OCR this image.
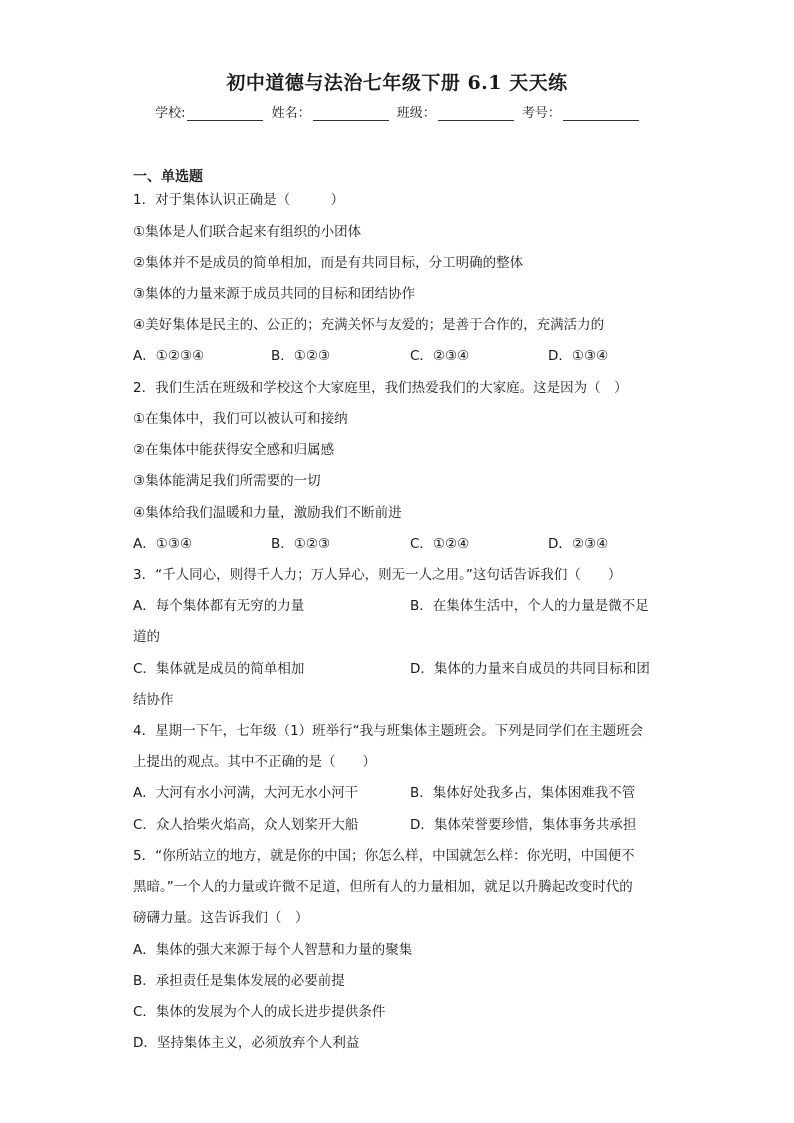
初中道德与法治七年级下册 6.1 天天练
学校:	姓名：	班级：	考号：
一、单选题
1．对于集体认识正确是（　　　）
①集体是人们联合起来有组织的小团体
②集体并不是成员的简单相加，而是有共同目标，分工明确的整体
③集体的力量来源于成员共同的目标和团结协作
④美好集体是民主的、公正的；充满关怀与友爱的；是善于合作的，充满活力的
A．①②③④	B．①②③	C．②③④	D．①③④
2．我们生活在班级和学校这个大家庭里，我们热爱我们的大家庭。这是因为（　）
①在集体中，我们可以被认可和接纳
②在集体中能获得安全感和归属感
③集体能满足我们所需要的一切
④集体给我们温暖和力量，激励我们不断前进
A．①③④	B．①②③	C．①②④	D．②③④
3．“千人同心，则得千人力；万人异心，则无一人之用。”这句话告诉我们（　　）
A．每个集体都有无穷的力量	B．在集体生活中，个人的力量是微不足
道的
C．集体就是成员的简单相加	D．集体的力量来自成员的共同目标和团
结协作
4．星期一下午，七年级（1）班举行“我与班集体主题班会。下列是同学们在主题班会
上提出的观点。其中不正确的是（　　）
A．大河有水小河满，大河无水小河干	B．集体好处我多占，集体困难我不管
C．众人拾柴火焰高，众人划桨开大船	D．集体荣誉要珍惜，集体事务共承担
5．“你所站立的地方，就是你的中国；你怎么样，中国就怎么样：你光明，中国便不
黑暗。”一个人的力量或许微不足道，但所有人的力量相加，就足以升腾起改变时代的
磅礴力量。这告诉我们（　）
A．集体的强大来源于每个人智慧和力量的聚集
B．承担责任是集体发展的必要前提
C．集体的发展为个人的成长进步提供条件
D．坚持集体主义，必须放弃个人利益
